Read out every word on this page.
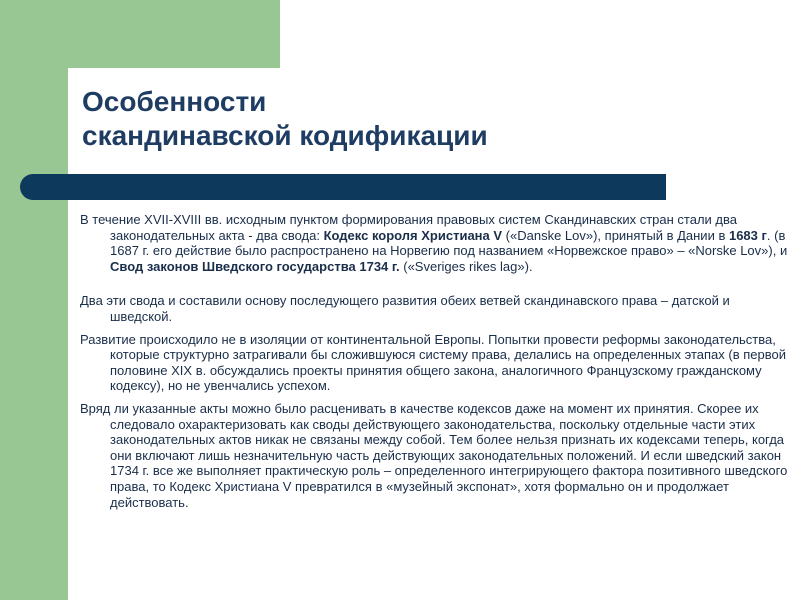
Особенности
скандинавской кодификации

В течение XVII-XVIII вв. исходным пунктом формирования правовых систем Скандинавских стран стали два законодательных акта - два свода: Кодекс короля Христиана V («Danske Lov»), принятый в Дании в 1683 г. (в 1687 г. его действие было распространено на Норвегию под названием «Норвежское право» – «Norske Lov»), и Свод законов Шведского государства 1734 г. («Sveriges rikes lag»).

Два эти свода и составили основу последующего развития обеих ветвей скандинавского права – датской и шведской.

Развитие происходило не в изоляции от континентальной Европы. Попытки провести реформы законодательства, которые структурно затрагивали бы сложившуюся систему права, делались на определенных этапах (в первой половине XIX в. обсуждались проекты принятия общего закона, аналогичного Французскому гражданскому кодексу), но не увенчались успехом.

Вряд ли указанные акты можно было расценивать в качестве кодексов даже на момент их принятия. Скорее их следовало охарактеризовать как своды действующего законодательства, поскольку отдельные части этих законодательных актов никак не связаны между собой. Тем более нельзя признать их кодексами теперь, когда они включают лишь незначительную часть действующих законодательных положений. И если шведский закон 1734 г. все же выполняет практическую роль – определенного интегрирующего фактора позитивного шведского права, то Кодекс Христиана V превратился в «музейный экспонат», хотя формально он и продолжает действовать.
